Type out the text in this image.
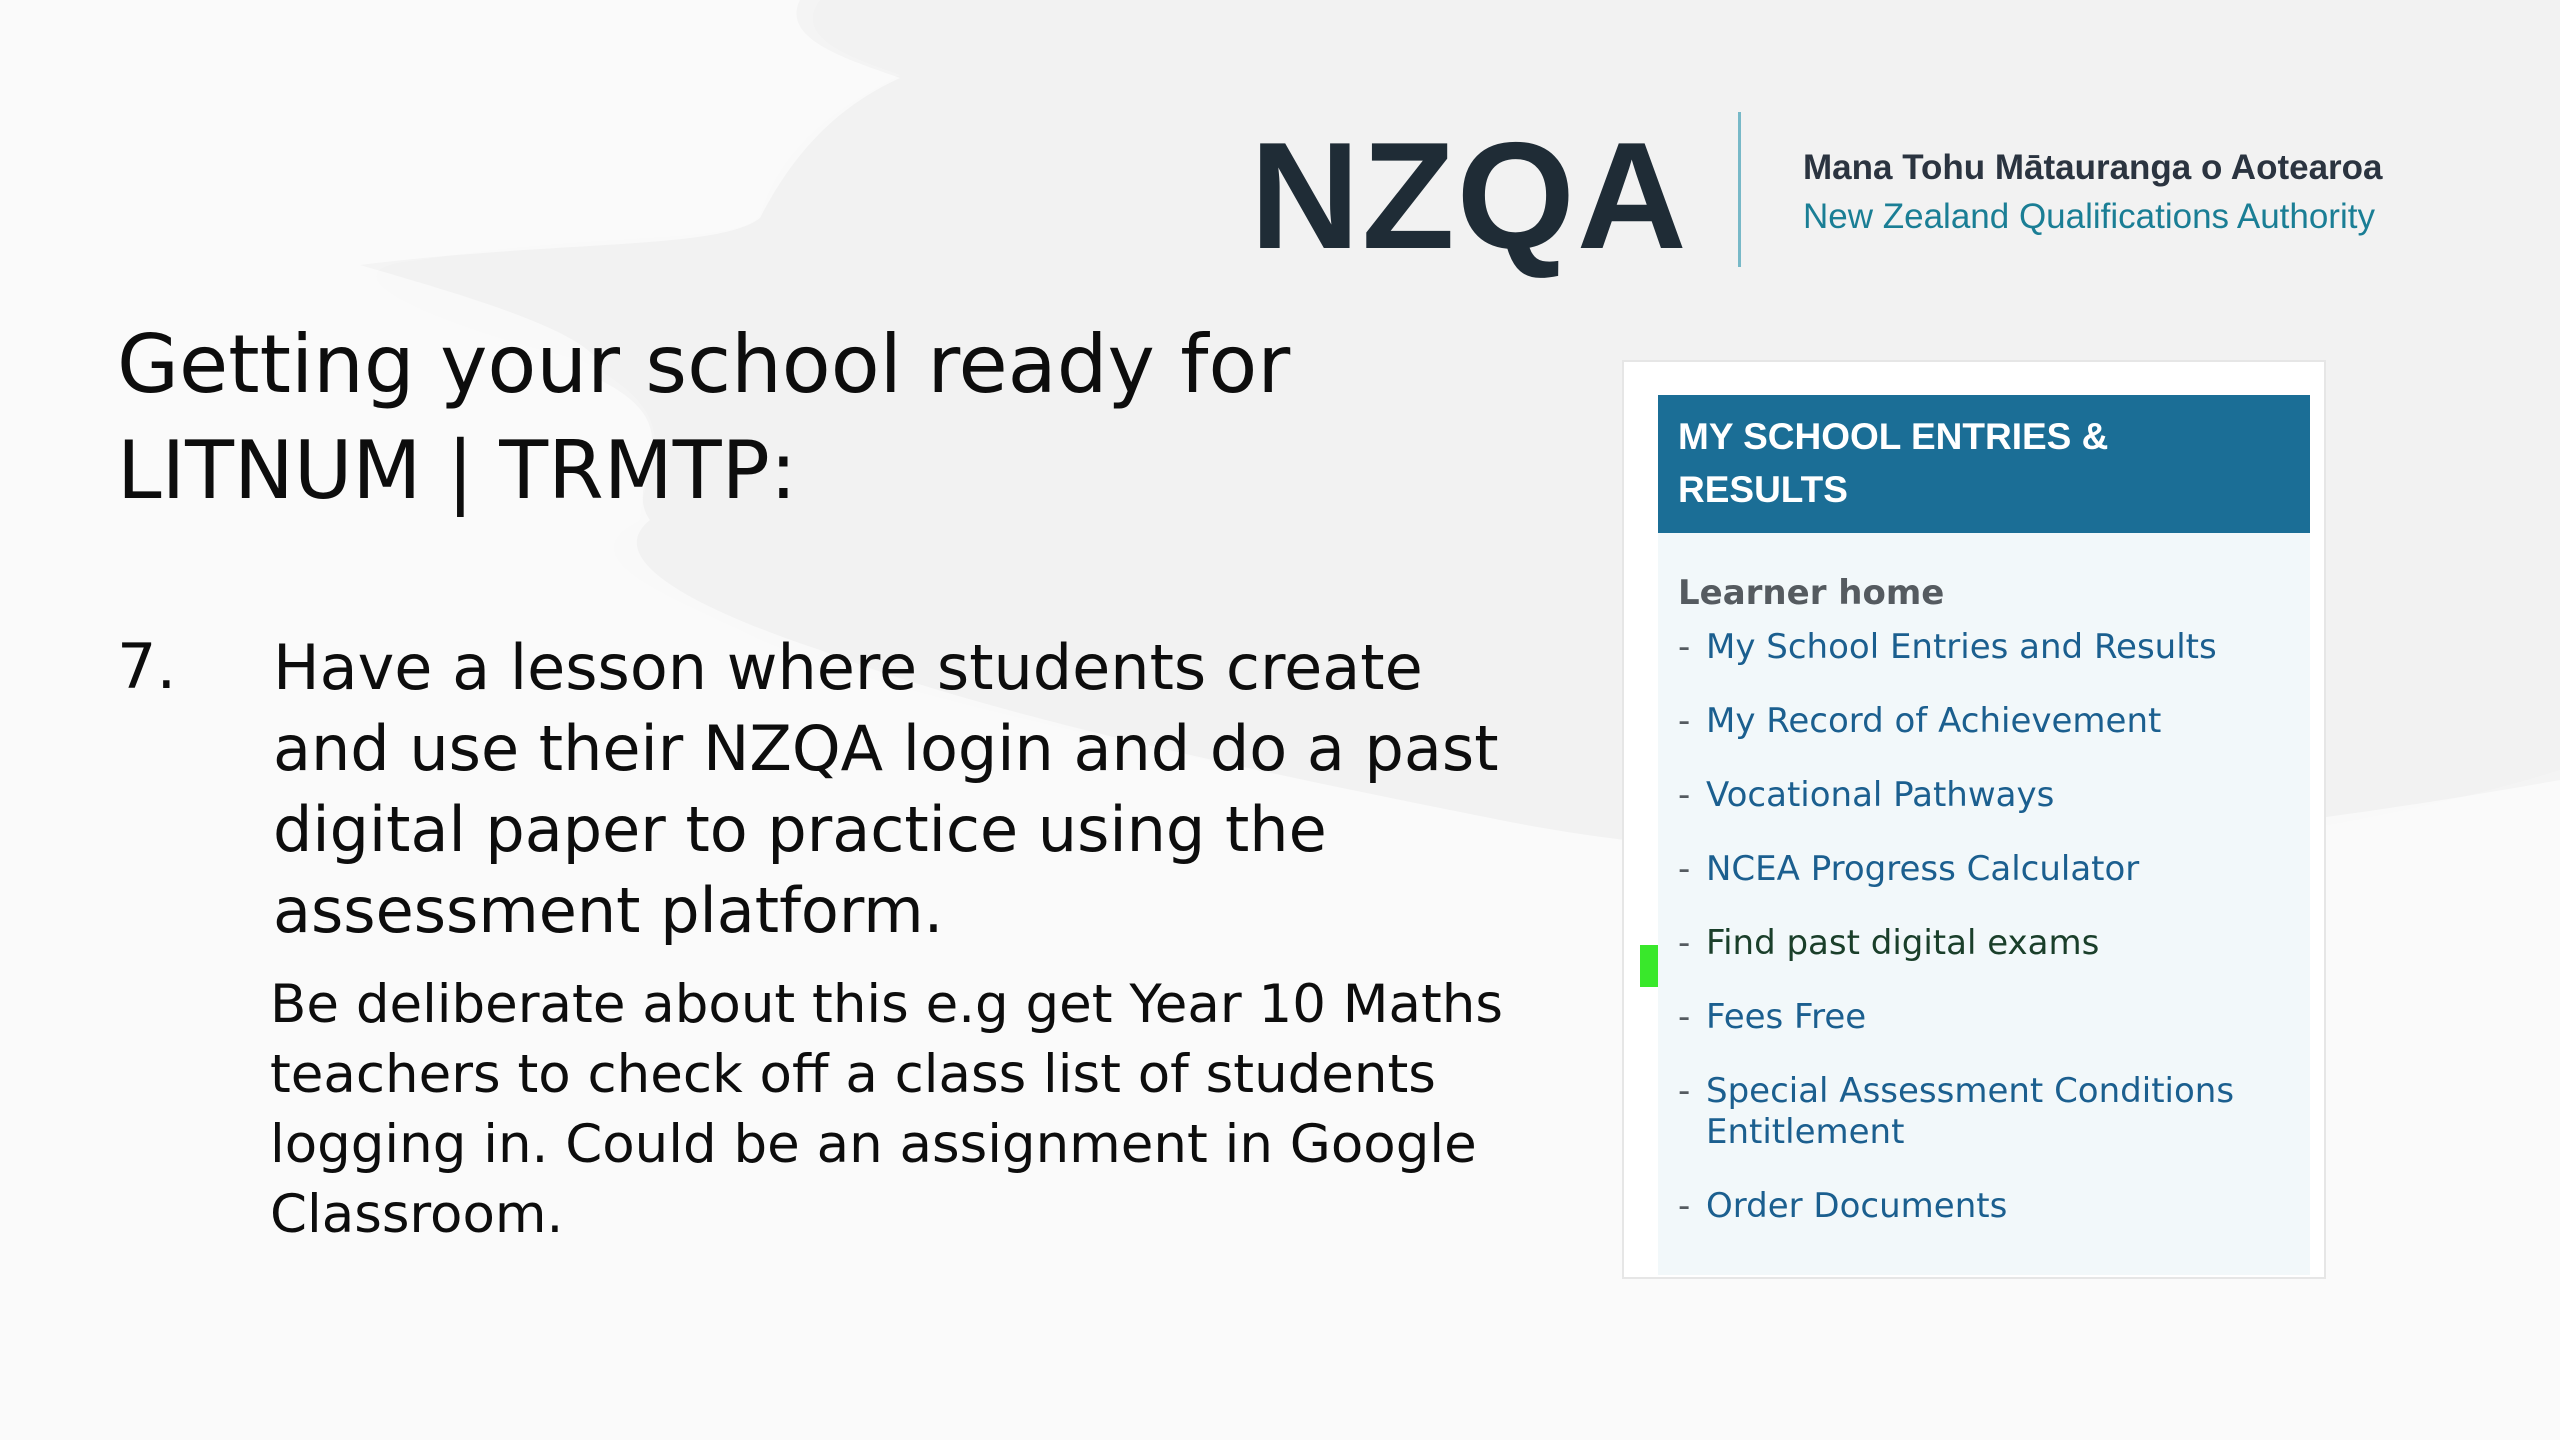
NZQA	Mana Tohu Mātauranga o Aotearoa
New Zealand Qualifications Authority
Getting your school ready for
LITNUM | TRMTP:
7. Have a lesson where students create
and use their NZQA login and do a past
digital paper to practice using the
assessment platform.
Be deliberate about this e.g get Year 10 Maths
teachers to check off a class list of students
logging in. Could be an assignment in Google
Classroom.
MY SCHOOL ENTRIES &
RESULTS
Learner home
- My School Entries and Results
- My Record of Achievement
- Vocational Pathways
- NCEA Progress Calculator
- Find past digital exams
- Fees Free
- Special Assessment Conditions
Entitlement
- Order Documents
